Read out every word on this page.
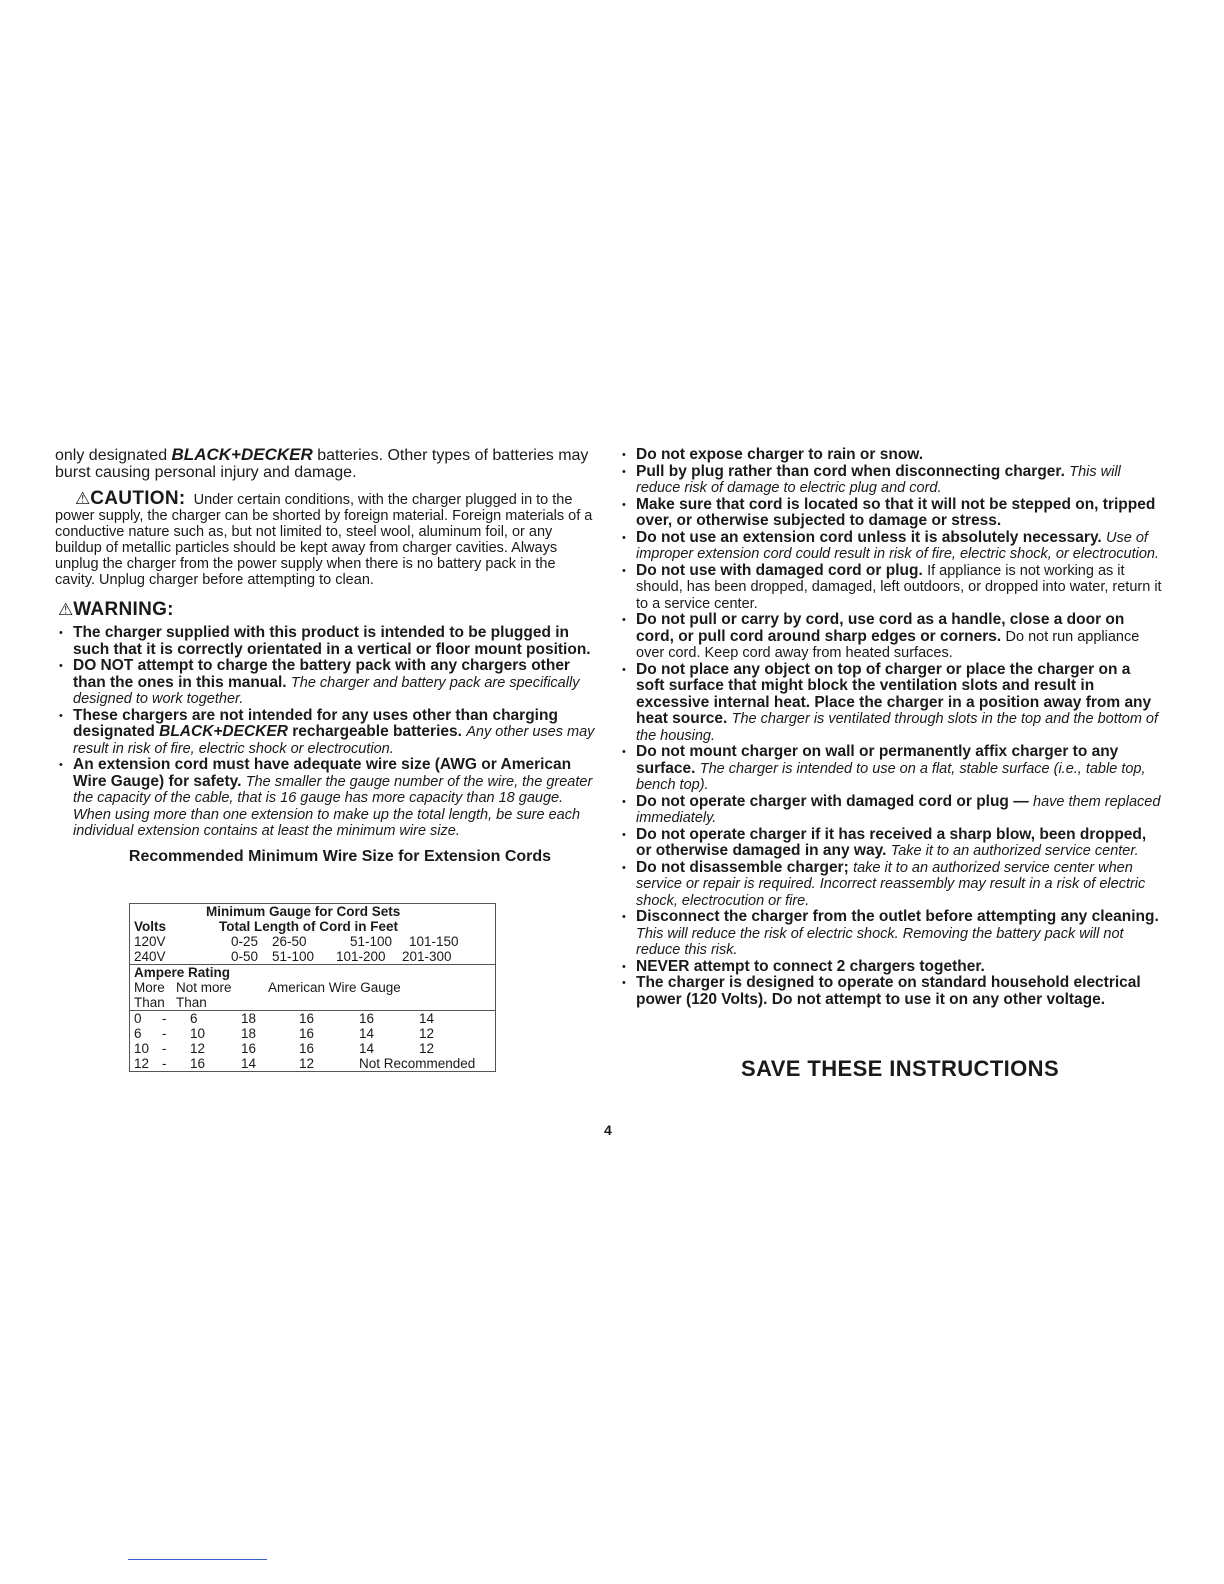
only designated BLACK+DECKER batteries. Other types of batteries may burst causing personal injury and damage.

⚠CAUTION: Under certain conditions, with the charger plugged in to the power supply, the charger can be shorted by foreign material. Foreign materials of a conductive nature such as, but not limited to, steel wool, aluminum foil, or any buildup of metallic particles should be kept away from charger cavities. Always unplug the charger from the power supply when there is no battery pack in the cavity. Unplug charger before attempting to clean.

⚠WARNING:
• The charger supplied with this product is intended to be plugged in such that it is correctly orientated in a vertical or floor mount position.
• DO NOT attempt to charge the battery pack with any chargers other than the ones in this manual. The charger and battery pack are specifically designed to work together.
• These chargers are not intended for any uses other than charging designated BLACK+DECKER rechargeable batteries. Any other uses may result in risk of fire, electric shock or electrocution.
• An extension cord must have adequate wire size (AWG or American Wire Gauge) for safety. The smaller the gauge number of the wire, the greater the capacity of the cable, that is 16 gauge has more capacity than 18 gauge. When using more than one extension to make up the total length, be sure each individual extension contains at least the minimum wire size.

Recommended Minimum Wire Size for Extension Cords

Minimum Gauge for Cord Sets
Volts	Total Length of Cord in Feet
120V	0-25	26-50	51-100	101-150
240V	0-50	51-100	101-200	201-300
Ampere Rating
More Not more	American Wire Gauge
Than Than
0	-	6	18	16	16	14
6	-	10	18	16	14	12
10 -	12	16	16	14	12
12 -	16	14	12	Not Recommended
• Do not expose charger to rain or snow.
• Pull by plug rather than cord when disconnecting charger. This will reduce risk of damage to electric plug and cord.
• Make sure that cord is located so that it will not be stepped on, tripped over, or otherwise subjected to damage or stress.
• Do not use an extension cord unless it is absolutely necessary. Use of improper extension cord could result in risk of fire, electric shock, or electrocution.
• Do not use with damaged cord or plug. If appliance is not working as it should, has been dropped, damaged, left outdoors, or dropped into water, return it to a service center.
• Do not pull or carry by cord, use cord as a handle, close a door on cord, or pull cord around sharp edges or corners. Do not run appliance over cord. Keep cord away from heated surfaces.
• Do not place any object on top of charger or place the charger on a soft surface that might block the ventilation slots and result in excessive internal heat. Place the charger in a position away from any heat source. The charger is ventilated through slots in the top and the bottom of the housing.
• Do not mount charger on wall or permanently affix charger to any surface. The charger is intended to use on a flat, stable surface (i.e., table top, bench top).
• Do not operate charger with damaged cord or plug — have them replaced immediately.
• Do not operate charger if it has received a sharp blow, been dropped, or otherwise damaged in any way. Take it to an authorized service center.
• Do not disassemble charger; take it to an authorized service center when service or repair is required. Incorrect reassembly may result in a risk of electric shock, electrocution or fire.
• Disconnect the charger from the outlet before attempting any cleaning. This will reduce the risk of electric shock. Removing the battery pack will not reduce this risk.
• NEVER attempt to connect 2 chargers together.
• The charger is designed to operate on standard household electrical power (120 Volts). Do not attempt to use it on any other voltage.
SAVE THESE INSTRUCTIONS
4
